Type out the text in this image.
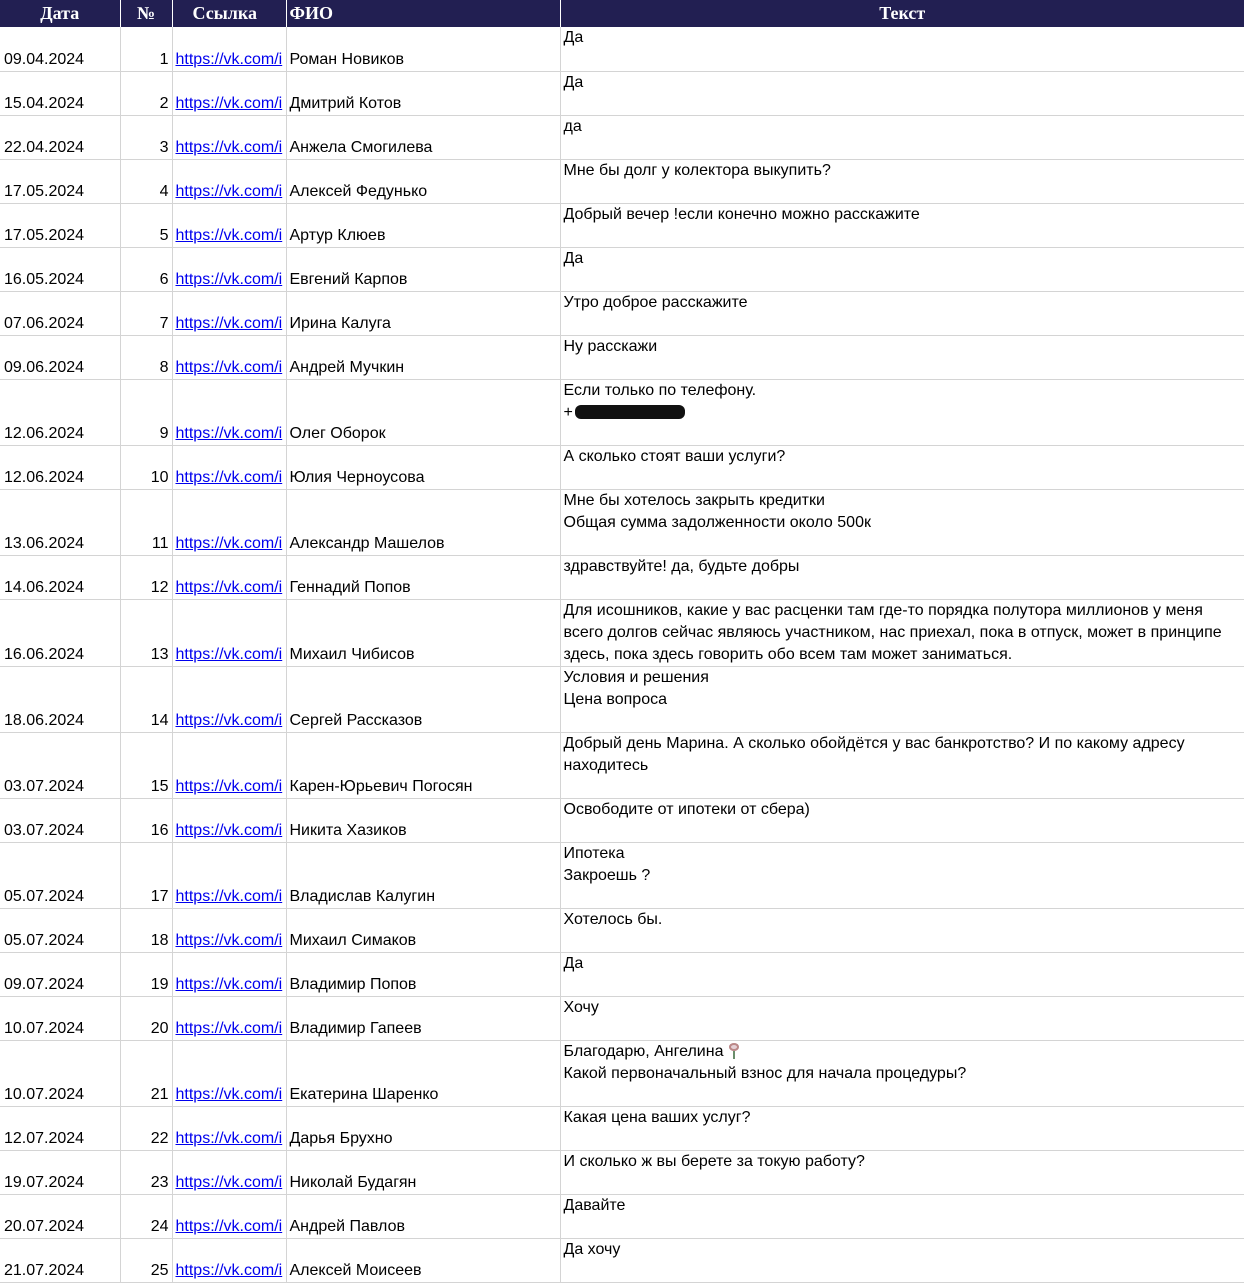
Дата	№	Ссылка	ФИО	Текст
09.04.2024	1	https://vk.com/i	Роман Новиков	Да

15.04.2024	2	https://vk.com/i	Дмитрий Котов	Да

22.04.2024	3	https://vk.com/i	Анжела Смогилева	да

17.05.2024	4	https://vk.com/i	Алексей Федунько	Мне бы долг у колектора выкупить?

17.05.2024	5	https://vk.com/i	Артур Клюев	Добрый вечер !если конечно можно расскажите

16.05.2024	6	https://vk.com/i	Евгений Карпов	Да

07.06.2024	7	https://vk.com/i	Ирина Калуга	Утро доброе расскажите

09.06.2024	8	https://vk.com/i	Андрей Мучкин	Ну расскажи

12.06.2024	9	https://vk.com/i	Олег Оборок	Если только по телефону.
+

12.06.2024	10	https://vk.com/i	Юлия Черноусова	А сколько стоят ваши услуги?

13.06.2024	11	https://vk.com/i	Александр Машелов	Мне бы хотелось закрыть кредитки
Общая сумма задолженности около 500к

14.06.2024	12	https://vk.com/i	Геннадий Попов	здравствуйте! да, будьте добры

16.06.2024	13	https://vk.com/i	Михаил Чибисов	Для исошников, какие у вас расценки там где-то порядка полутора миллионов у меня всего долгов сейчас являюсь участником, нас приехал, пока в отпуск, может в принципе здесь, пока здесь говорить обо всем там может заниматься.

18.06.2024	14	https://vk.com/i	Сергей Рассказов	Условия и решения
Цена вопроса

03.07.2024	15	https://vk.com/i	Карен-Юрьевич Погосян	Добрый день Марина. А сколько обойдётся у вас банкротство? И по какому адресу находитесь

03.07.2024	16	https://vk.com/i	Никита Хазиков	Освободите от ипотеки от сбера)

05.07.2024	17	https://vk.com/i	Владислав Калугин	Ипотека
Закроешь ?

05.07.2024	18	https://vk.com/i	Михаил Симаков	Хотелось бы.

09.07.2024	19	https://vk.com/i	Владимир Попов	Да

10.07.2024	20	https://vk.com/i	Владимир Гапеев	Хочу

10.07.2024	21	https://vk.com/i	Екатерина Шаренко	Благодарю, Ангелина
Какой первоначальный взнос для начала процедуры?

12.07.2024	22	https://vk.com/i	Дарья Брухно	Какая цена ваших услуг?

19.07.2024	23	https://vk.com/i	Николай Будагян	И сколько ж вы берете за токую работу?

20.07.2024	24	https://vk.com/i	Андрей Павлов	Давайте

21.07.2024	25	https://vk.com/i	Алексей Моисеев	Да хочу
